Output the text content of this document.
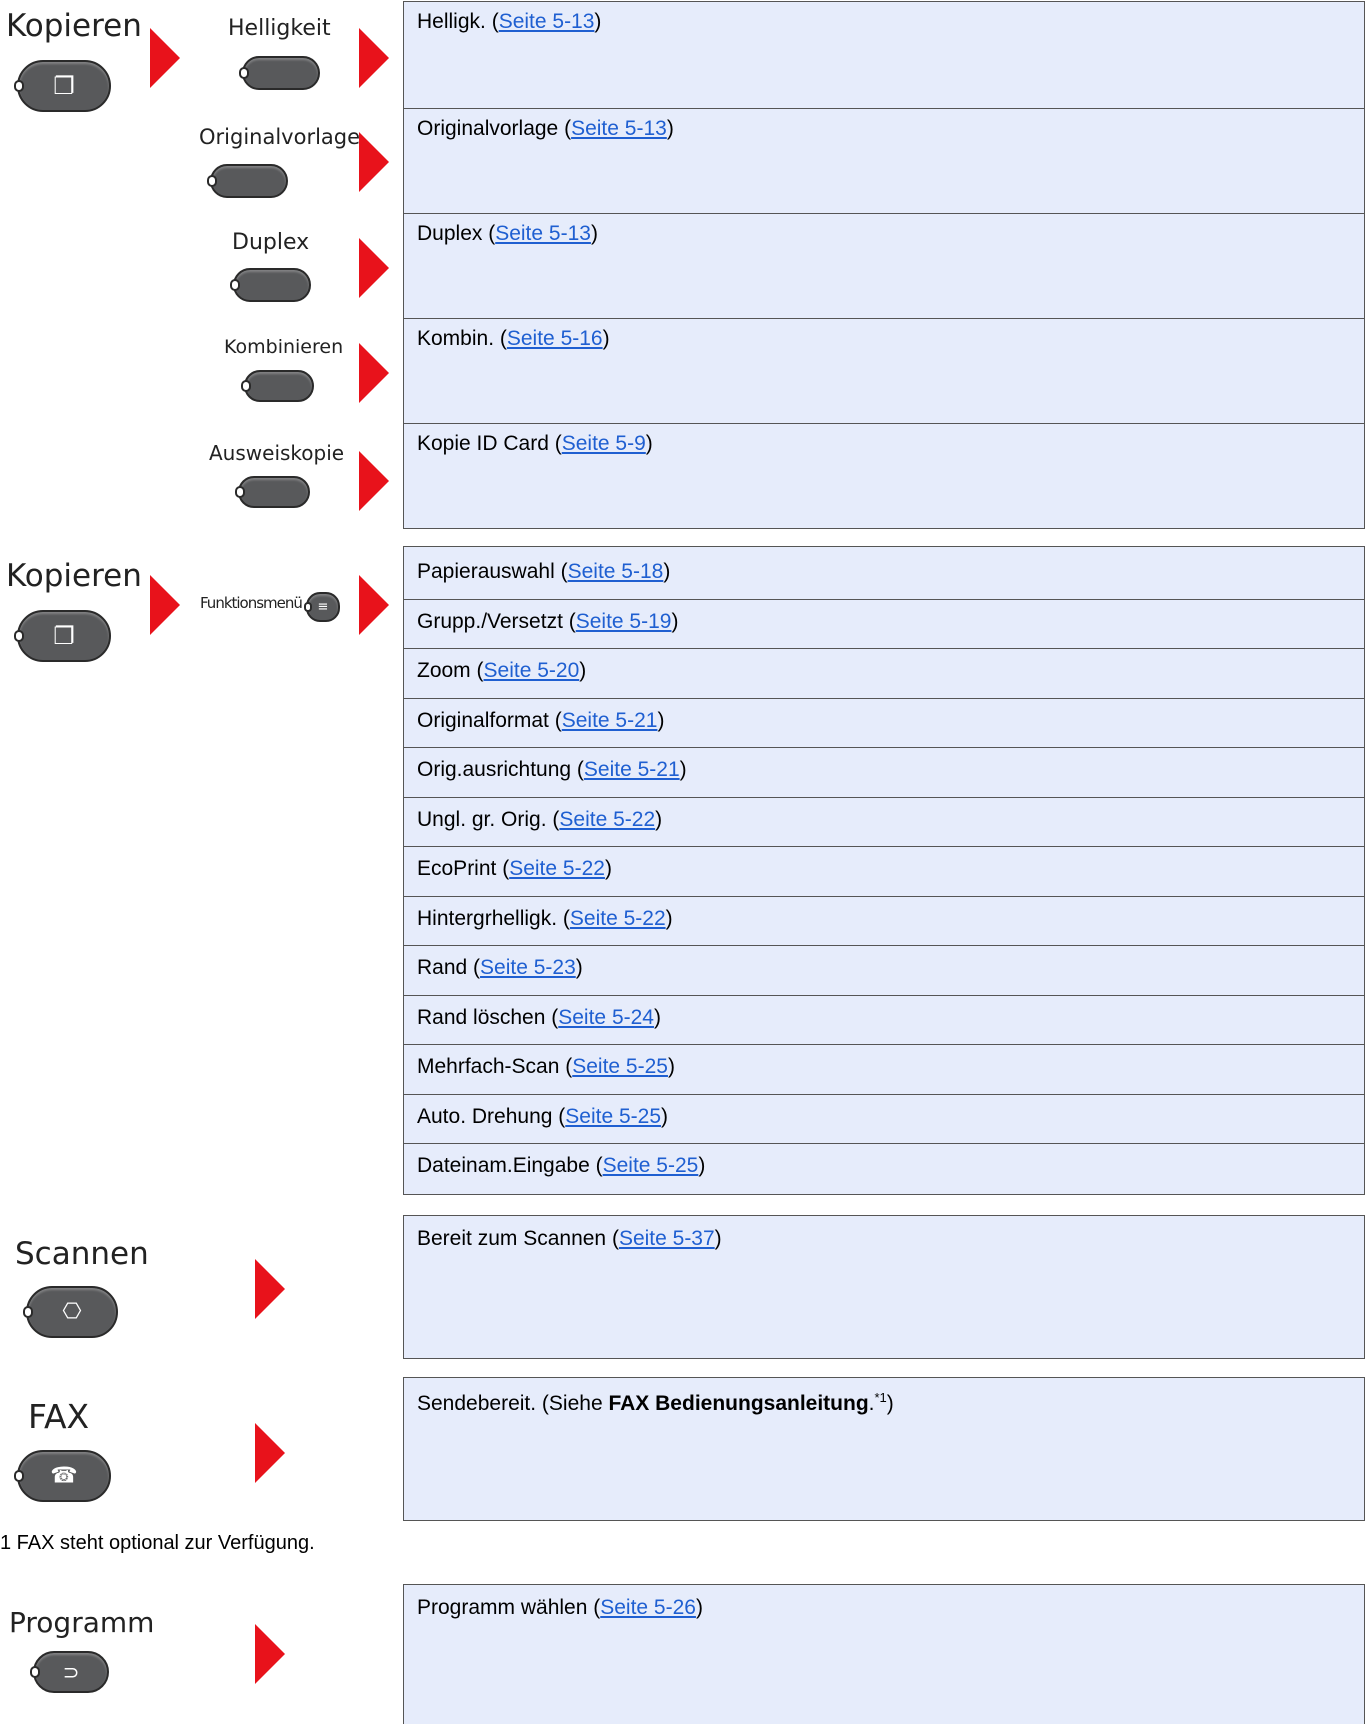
Kopieren
❐
Helligkeit
Originalvorlage
Duplex
Kombinieren
Ausweiskopie
Helligk. (Seite 5-13)
Originalvorlage (Seite 5-13)
Duplex (Seite 5-13)
Kombin. (Seite 5-16)
Kopie ID Card (Seite 5-9)
Kopieren
❐
Funktionsmenü ≡
Papierauswahl (Seite 5-18)
Grupp./Versetzt (Seite 5-19)
Zoom (Seite 5-20)
Originalformat (Seite 5-21)
Orig.ausrichtung (Seite 5-21)
Ungl. gr. Orig. (Seite 5-22)
EcoPrint (Seite 5-22)
Hintergrhelligk. (Seite 5-22)
Rand (Seite 5-23)
Rand löschen (Seite 5-24)
Mehrfach-Scan (Seite 5-25)
Auto. Drehung (Seite 5-25)
Dateinam.Eingabe (Seite 5-25)
Scannen
⎔
Bereit zum Scannen (Seite 5-37)
FAX
☎
Sendebereit. (Siehe FAX Bedienungsanleitung.$^{*1}$)
1 FAX steht optional zur Verfügung.
Programm
⊃
Programm wählen (Seite 5-26)
